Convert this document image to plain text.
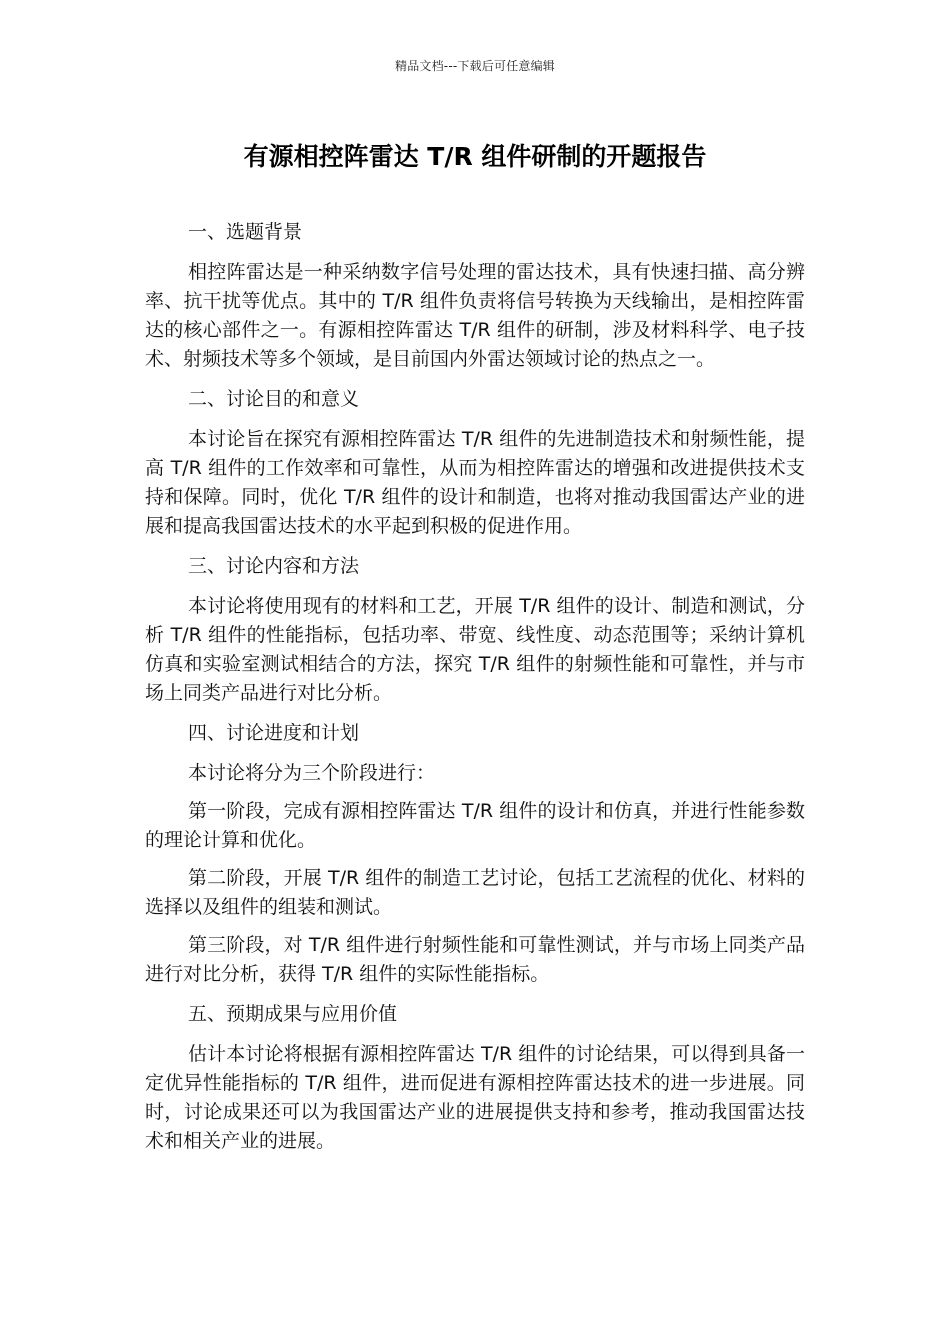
精品文档---下载后可任意编辑
有源相控阵雷达 T/R 组件研制的开题报告
一、选题背景

相控阵雷达是一种采纳数字信号处理的雷达技术，具有快速扫描、高分辨率、抗干扰等优点。其中的 T/R 组件负责将信号转换为天线输出，是相控阵雷达的核心部件之一。有源相控阵雷达 T/R 组件的研制，涉及材料科学、电子技术、射频技术等多个领域，是目前国内外雷达领域讨论的热点之一。

二、讨论目的和意义

本讨论旨在探究有源相控阵雷达 T/R 组件的先进制造技术和射频性能，提高 T/R 组件的工作效率和可靠性，从而为相控阵雷达的增强和改进提供技术支持和保障。同时，优化 T/R 组件的设计和制造，也将对推动我国雷达产业的进展和提高我国雷达技术的水平起到积极的促进作用。

三、讨论内容和方法

本讨论将使用现有的材料和工艺，开展 T/R 组件的设计、制造和测试，分析 T/R 组件的性能指标，包括功率、带宽、线性度、动态范围等；采纳计算机仿真和实验室测试相结合的方法，探究 T/R 组件的射频性能和可靠性，并与市场上同类产品进行对比分析。

四、讨论进度和计划

本讨论将分为三个阶段进行：

第一阶段，完成有源相控阵雷达 T/R 组件的设计和仿真，并进行性能参数的理论计算和优化。

第二阶段，开展 T/R 组件的制造工艺讨论，包括工艺流程的优化、材料的选择以及组件的组装和测试。

第三阶段，对 T/R 组件进行射频性能和可靠性测试，并与市场上同类产品进行对比分析，获得 T/R 组件的实际性能指标。

五、预期成果与应用价值

估计本讨论将根据有源相控阵雷达 T/R 组件的讨论结果，可以得到具备一定优异性能指标的 T/R 组件，进而促进有源相控阵雷达技术的进一步进展。同时，讨论成果还可以为我国雷达产业的进展提供支持和参考，推动我国雷达技术和相关产业的进展。
